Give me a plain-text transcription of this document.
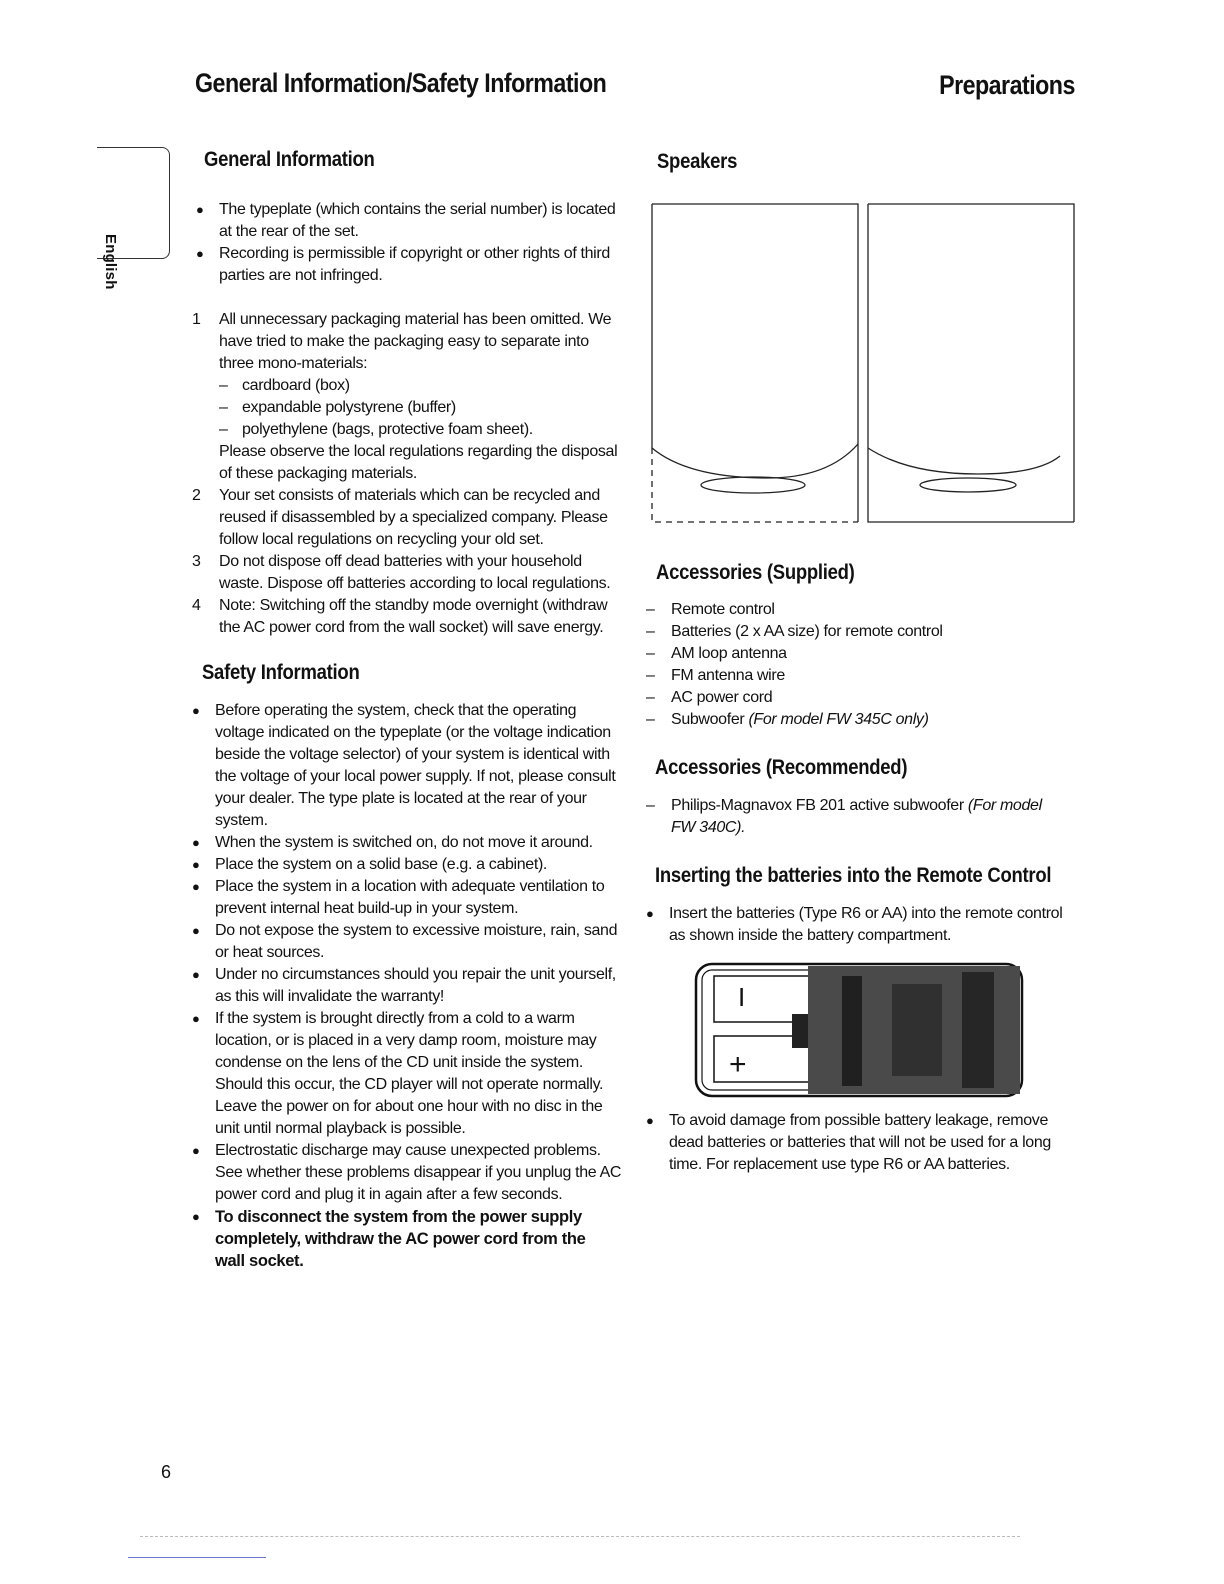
General Information/Safety Information	Preparations
English
General Information
● The typeplate (which contains the serial number) is located at the rear of the set.
● Recording is permissible if copyright or other rights of third parties are not infringed.
1	All unnecessary packaging material has been omitted. We have tried to make the packaging easy to separate into three mono-materials:
– cardboard (box)
– expandable polystyrene (buffer)
– polyethylene (bags, protective foam sheet).
Please observe the local regulations regarding the disposal of these packaging materials.
2	Your set consists of materials which can be recycled and reused if disassembled by a specialized company. Please follow local regulations on recycling your old set.
3	Do not dispose off dead batteries with your household waste. Dispose off batteries according to local regulations.
4	Note: Switching off the standby mode overnight (withdraw the AC power cord from the wall socket) will save energy.
Safety Information
● Before operating the system, check that the operating voltage indicated on the typeplate (or the voltage indication beside the voltage selector) of your system is identical with the voltage of your local power supply. If not, please consult your dealer. The type plate is located at the rear of your system.
● When the system is switched on, do not move it around.
● Place the system on a solid base (e.g. a cabinet).
● Place the system in a location with adequate ventilation to prevent internal heat build-up in your system.
● Do not expose the system to excessive moisture, rain, sand or heat sources.
● Under no circumstances should you repair the unit yourself, as this will invalidate the warranty!
● If the system is brought directly from a cold to a warm location, or is placed in a very damp room, moisture may condense on the lens of the CD unit inside the system. Should this occur, the CD player will not operate normally. Leave the power on for about one hour with no disc in the unit until normal playback is possible.
● Electrostatic discharge may cause unexpected problems. See whether these problems disappear if you unplug the AC power cord and plug it in again after a few seconds.
● To disconnect the system from the power supply completely, withdraw the AC power cord from the wall socket.
6
Speakers
Accessories (Supplied)
–	Remote control
–	Batteries (2 x AA size) for remote control
–	AM loop antenna
–	FM antenna wire
–	AC power cord
–	Subwoofer (For model FW 345C only)
Accessories (Recommended)
–	Philips-Magnavox FB 201 active subwoofer (For model FW 340C).
Inserting the batteries into the Remote Control
● Insert the batteries (Type R6 or AA) into the remote control as shown inside the battery compartment.
I
+
● To avoid damage from possible battery leakage, remove dead batteries or batteries that will not be used for a long time. For replacement use type R6 or AA batteries.
